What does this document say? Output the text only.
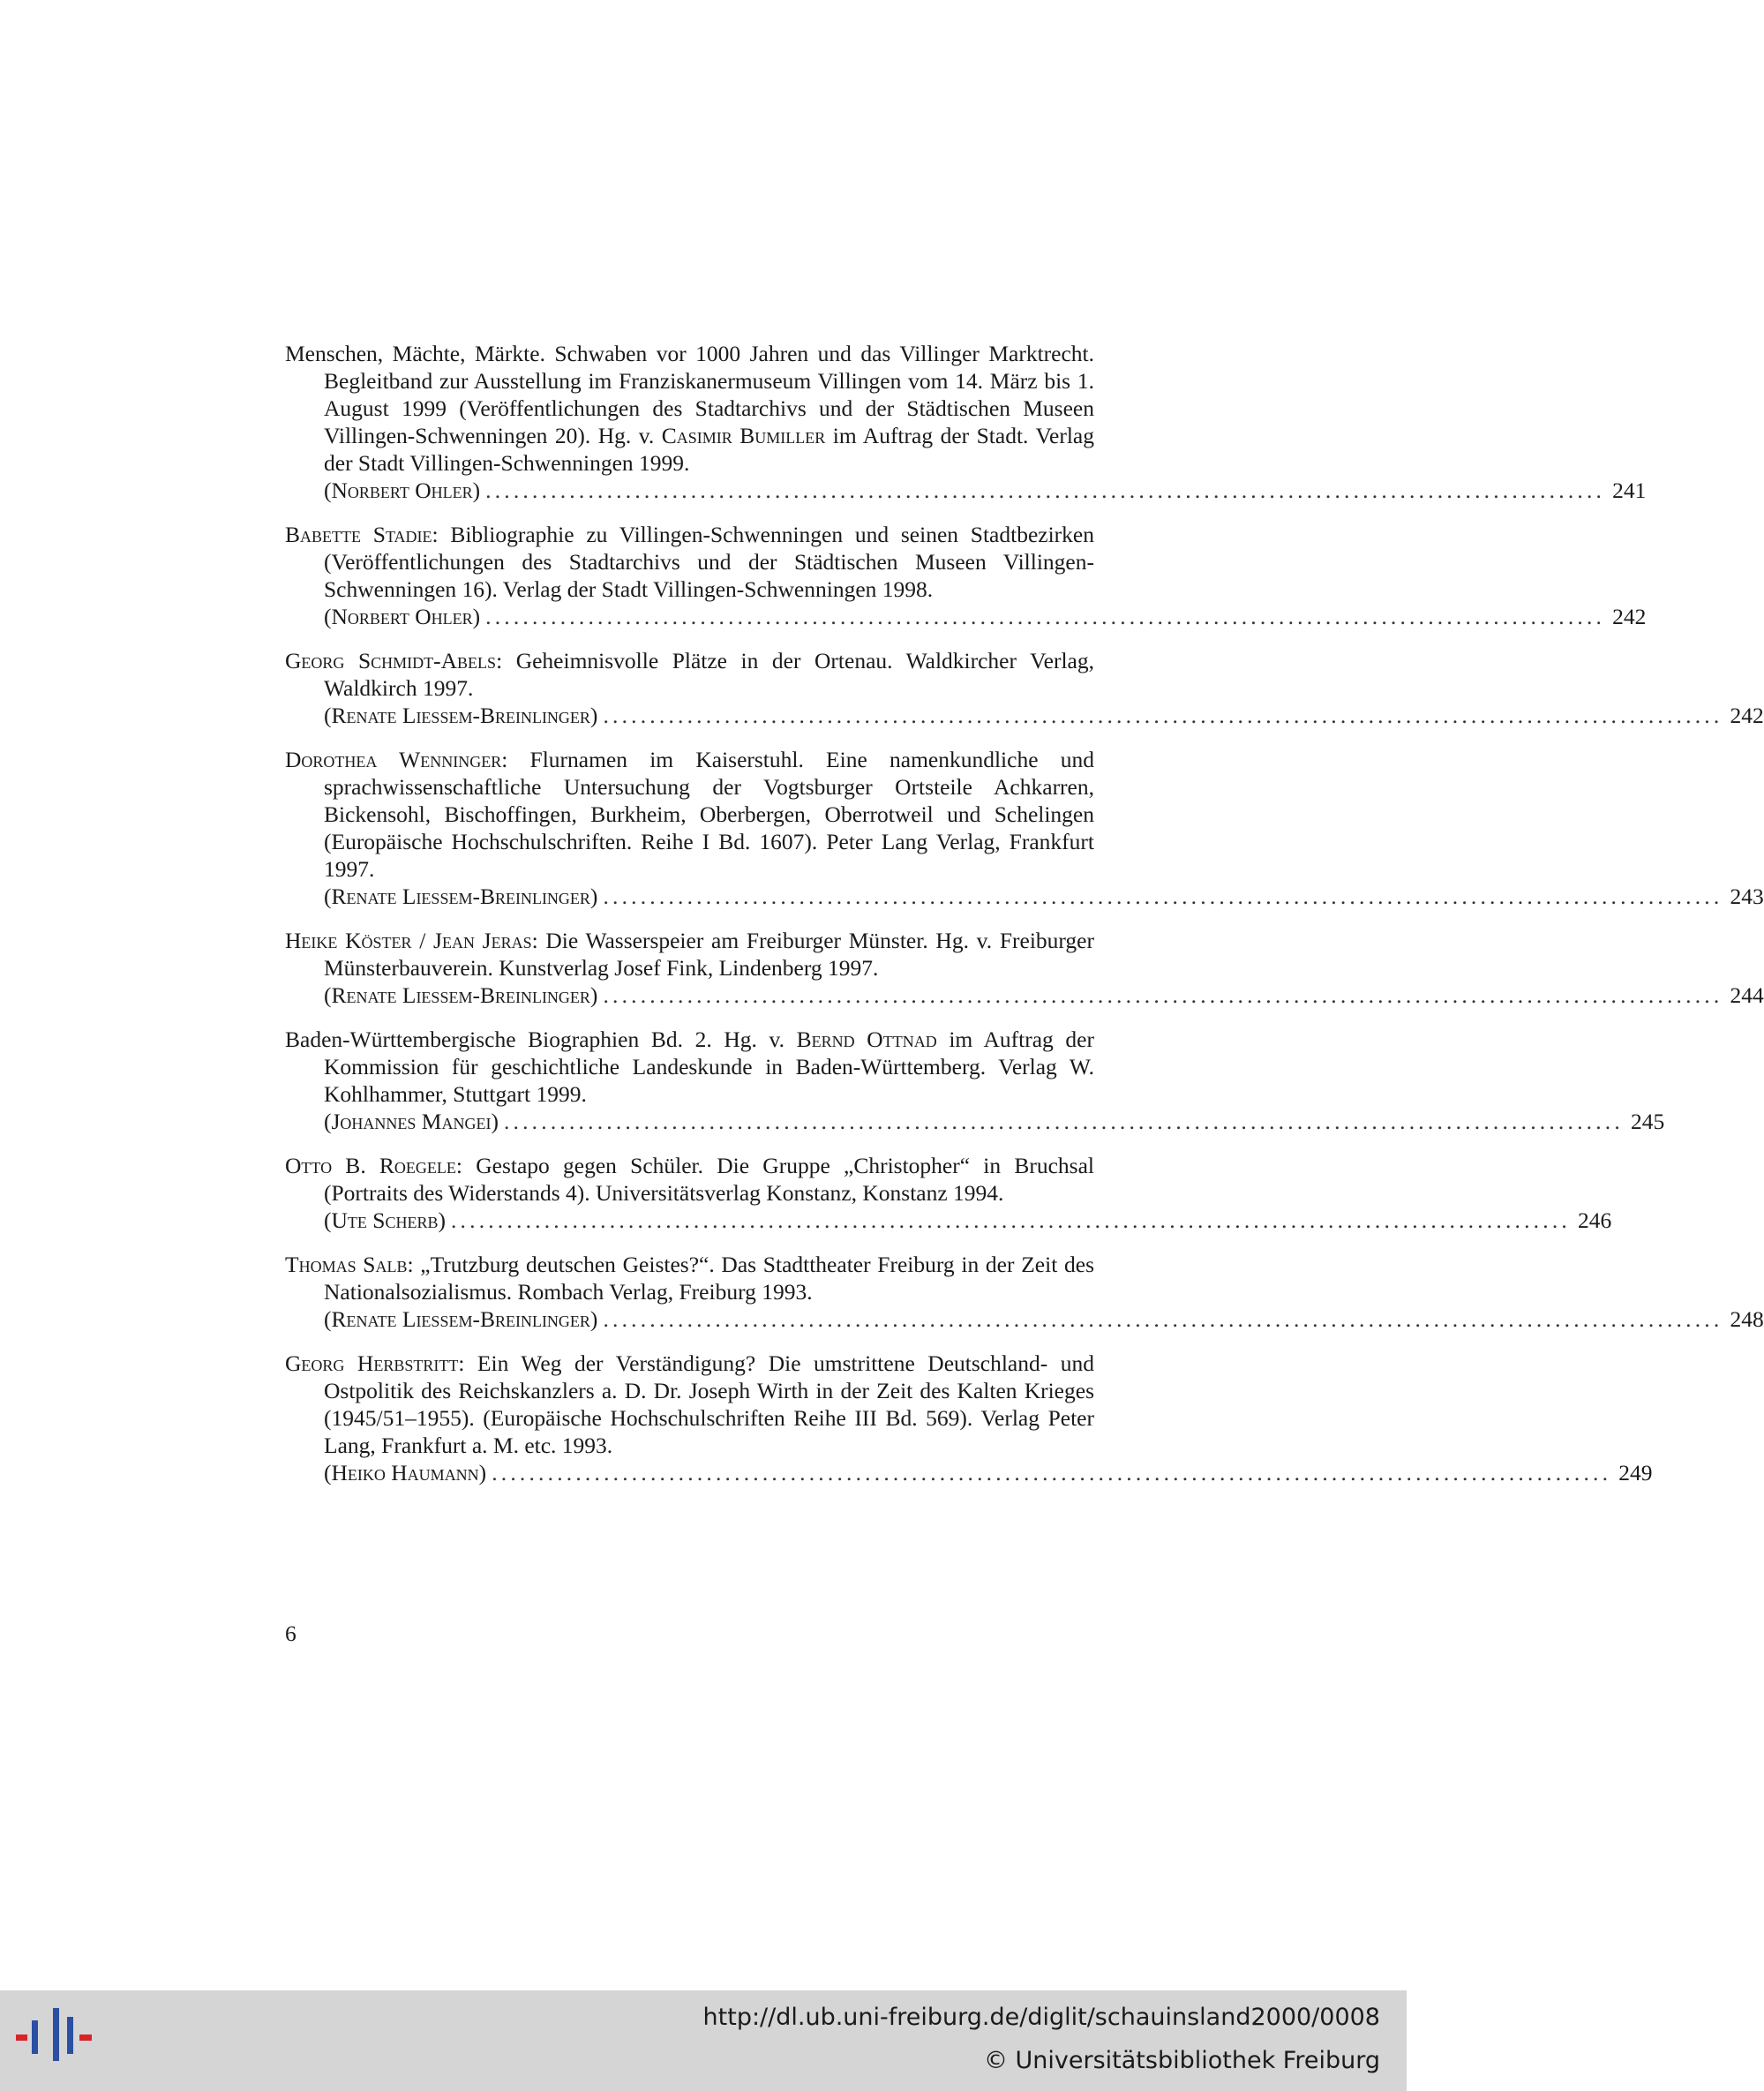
Menschen, Mächte, Märkte. Schwaben vor 1000 Jahren und das Villinger Marktrecht. Begleitband zur Ausstellung im Franziskanermuseum Villingen vom 14. März bis 1. August 1999 (Veröffentlichungen des Stadtarchivs und der Städtischen Museen Villingen-Schwenningen 20). Hg. v. Casimir Bumiller im Auftrag der Stadt. Verlag der Stadt Villingen-Schwenningen 1999.
(Norbert Ohler) ........................................................................................................................ 241
Babette Stadie: Bibliographie zu Villingen-Schwenningen und seinen Stadtbezirken (Veröffentlichungen des Stadtarchivs und der Städtischen Museen Villingen-Schwenningen 16). Verlag der Stadt Villingen-Schwenningen 1998.
(Norbert Ohler) ........................................................................................................................ 242
Georg Schmidt-Abels: Geheimnisvolle Plätze in der Ortenau. Waldkircher Verlag, Waldkirch 1997.
(Renate Liessem-Breinlinger) ........................................................................................................................ 242
Dorothea Wenninger: Flurnamen im Kaiserstuhl. Eine namenkundliche und sprachwissenschaftliche Untersuchung der Vogtsburger Ortsteile Achkarren, Bickensohl, Bischoffingen, Burkheim, Oberbergen, Oberrotweil und Schelingen (Europäische Hochschulschriften. Reihe I Bd. 1607). Peter Lang Verlag, Frankfurt 1997.
(Renate Liessem-Breinlinger) ........................................................................................................................ 243
Heike Köster / Jean Jeras: Die Wasserspeier am Freiburger Münster. Hg. v. Freiburger Münsterbauverein. Kunstverlag Josef Fink, Lindenberg 1997.
(Renate Liessem-Breinlinger) ........................................................................................................................ 244
Baden-Württembergische Biographien Bd. 2. Hg. v. Bernd Ottnad im Auftrag der Kommission für geschichtliche Landeskunde in Baden-Württemberg. Verlag W. Kohlhammer, Stuttgart 1999.
(Johannes Mangei) ........................................................................................................................ 245
Otto B. Roegele: Gestapo gegen Schüler. Die Gruppe „Christopher“ in Bruchsal (Portraits des Widerstands 4). Universitätsverlag Konstanz, Konstanz 1994.
(Ute Scherb) ........................................................................................................................ 246
Thomas Salb: „Trutzburg deutschen Geistes?“. Das Stadttheater Freiburg in der Zeit des Nationalsozialismus. Rombach Verlag, Freiburg 1993.
(Renate Liessem-Breinlinger) ........................................................................................................................ 248
Georg Herbstritt: Ein Weg der Verständigung? Die umstrittene Deutschland- und Ostpolitik des Reichskanzlers a. D. Dr. Joseph Wirth in der Zeit des Kalten Krieges (1945/51–1955). (Europäische Hochschulschriften Reihe III Bd. 569). Verlag Peter Lang, Frankfurt a. M. etc. 1993.
(Heiko Haumann) ........................................................................................................................ 249
6
http://dl.ub.uni-freiburg.de/diglit/schauinsland2000/0008
© Universitätsbibliothek Freiburg
